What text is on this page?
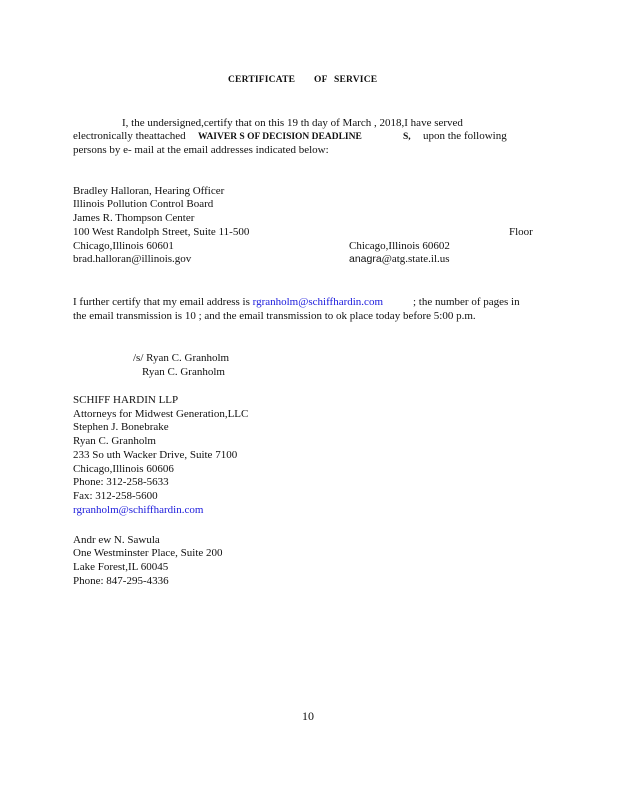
CERTIFICATE OF SERVICE
I, the undersigned,certify that on this 19 th day of March , 2018,I have served
electronically theattached WAIVER S OF DECISION DEADLINE	S, upon the following
persons by e- mail at the email addresses indicated below:
Bradley Halloran, Hearing Officer
Illinois Pollution Control Board
James R. Thompson Center
100 West Randolph Street, Suite 11-500
Chicago,Illinois 60601
brad.halloran@illinois.gov
Floor
Chicago,Illinois 60602
anagra@atg.state.il.us
I further certify that my email address is rgranholm@schiffhardin.com	; the number of pages in
the email transmission is 10 ; and the email transmission to ok place today before 5:00 p.m.
/s/ Ryan C. Granholm
Ryan C. Granholm
SCHIFF HARDIN LLP
Attorneys for Midwest Generation,LLC
Stephen J. Bonebrake
Ryan C. Granholm
233 So uth Wacker Drive, Suite 7100
Chicago,Illinois 60606
Phone: 312-258-5633
Fax: 312-258-5600
rgranholm@schiffhardin.com
Andr ew N. Sawula
One Westminster Place, Suite 200
Lake Forest,IL 60045
Phone: 847-295-4336
10
